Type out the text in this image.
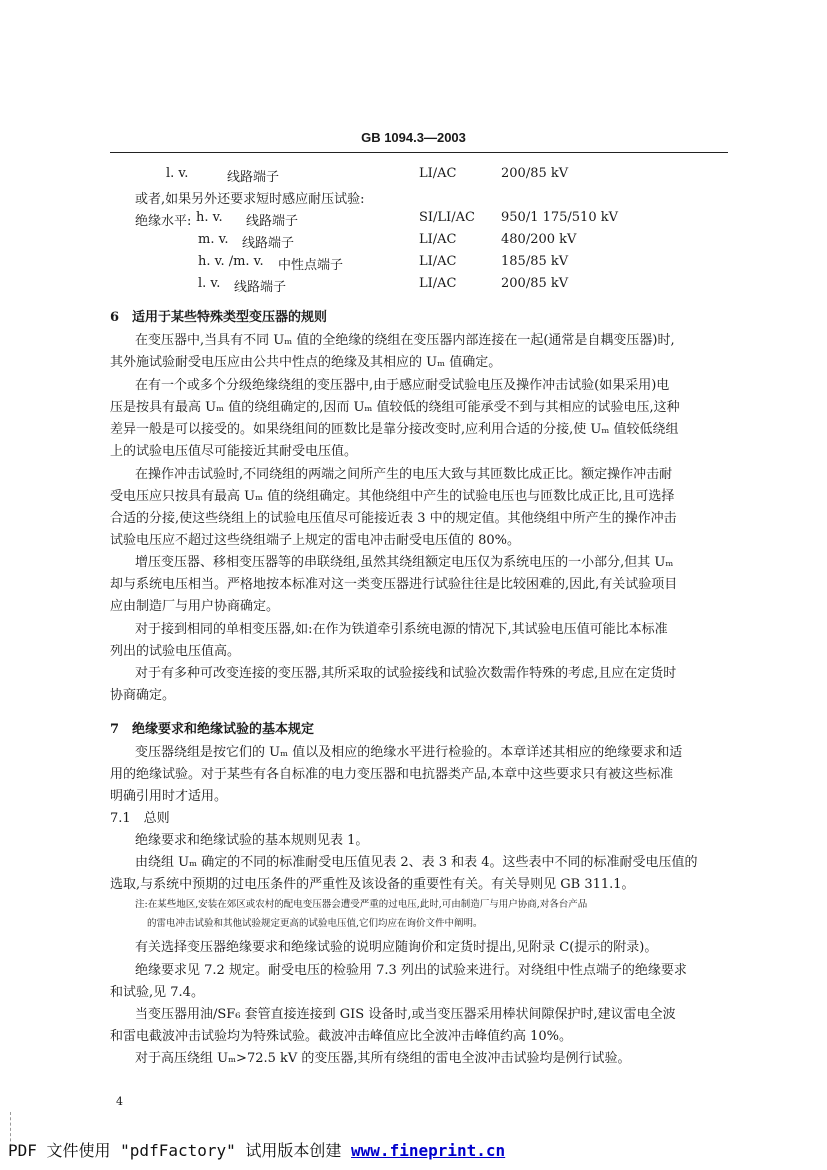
GB 1094.3—2003
l. v.	线路端子	LI/AC	200/85 kV
或者,如果另外还要求短时感应耐压试验:
绝缘水平: h. v. 线路端子	SI/LI/AC 950/1 175/510 kV
m. v. 线路端子	LI/AC	480/200 kV
h. v. /m. v. 中性点端子	LI/AC	185/85 kV
l. v. 线路端子	LI/AC	200/85 kV
6　适用于某些特殊类型变压器的规则
在变压器中,当具有不同 Uₘ 值的全绝缘的绕组在变压器内部连接在一起(通常是自耦变压器)时,
其外施试验耐受电压应由公共中性点的绝缘及其相应的 Uₘ 值确定。
在有一个或多个分级绝缘绕组的变压器中,由于感应耐受试验电压及操作冲击试验(如果采用)电
压是按具有最高 Uₘ 值的绕组确定的,因而 Uₘ 值较低的绕组可能承受不到与其相应的试验电压,这种
差异一般是可以接受的。如果绕组间的匝数比是靠分接改变时,应利用合适的分接,使 Uₘ 值较低绕组
上的试验电压值尽可能接近其耐受电压值。
在操作冲击试验时,不同绕组的两端之间所产生的电压大致与其匝数比成正比。额定操作冲击耐
受电压应只按具有最高 Uₘ 值的绕组确定。其他绕组中产生的试验电压也与匝数比成正比,且可选择
合适的分接,使这些绕组上的试验电压值尽可能接近表 3 中的规定值。其他绕组中所产生的操作冲击
试验电压应不超过这些绕组端子上规定的雷电冲击耐受电压值的 80%。
增压变压器、移相变压器等的串联绕组,虽然其绕组额定电压仅为系统电压的一小部分,但其 Uₘ
却与系统电压相当。严格地按本标准对这一类变压器进行试验往往是比较困难的,因此,有关试验项目
应由制造厂与用户协商确定。
对于接到相同的单相变压器,如:在作为铁道牵引系统电源的情况下,其试验电压值可能比本标准
列出的试验电压值高。
对于有多种可改变连接的变压器,其所采取的试验接线和试验次数需作特殊的考虑,且应在定货时
协商确定。
7　绝缘要求和绝缘试验的基本规定
变压器绕组是按它们的 Uₘ 值以及相应的绝缘水平进行检验的。本章详述其相应的绝缘要求和适
用的绝缘试验。对于某些有各自标准的电力变压器和电抗器类产品,本章中这些要求只有被这些标准
明确引用时才适用。
7.1　总则
绝缘要求和绝缘试验的基本规则见表 1。
由绕组 Uₘ 确定的不同的标准耐受电压值见表 2、表 3 和表 4。这些表中不同的标准耐受电压值的
选取,与系统中预期的过电压条件的严重性及该设备的重要性有关。有关导则见 GB 311.1。
注:在某些地区,安装在郊区或农村的配电变压器会遭受严重的过电压,此时,可由制造厂与用户协商,对各台产品
的雷电冲击试验和其他试验规定更高的试验电压值,它们均应在询价文件中阐明。
有关选择变压器绝缘要求和绝缘试验的说明应随询价和定货时提出,见附录 C(提示的附录)。
绝缘要求见 7.2 规定。耐受电压的检验用 7.3 列出的试验来进行。对绕组中性点端子的绝缘要求
和试验,见 7.4。
当变压器用油/SF₆ 套管直接连接到 GIS 设备时,或当变压器采用棒状间隙保护时,建议雷电全波
和雷电截波冲击试验均为特殊试验。截波冲击峰值应比全波冲击峰值约高 10%。
对于高压绕组 Uₘ>72.5 kV 的变压器,其所有绕组的雷电全波冲击试验均是例行试验。
4
PDF 文件使用 "pdfFactory" 试用版本创建 www.fineprint.cn
